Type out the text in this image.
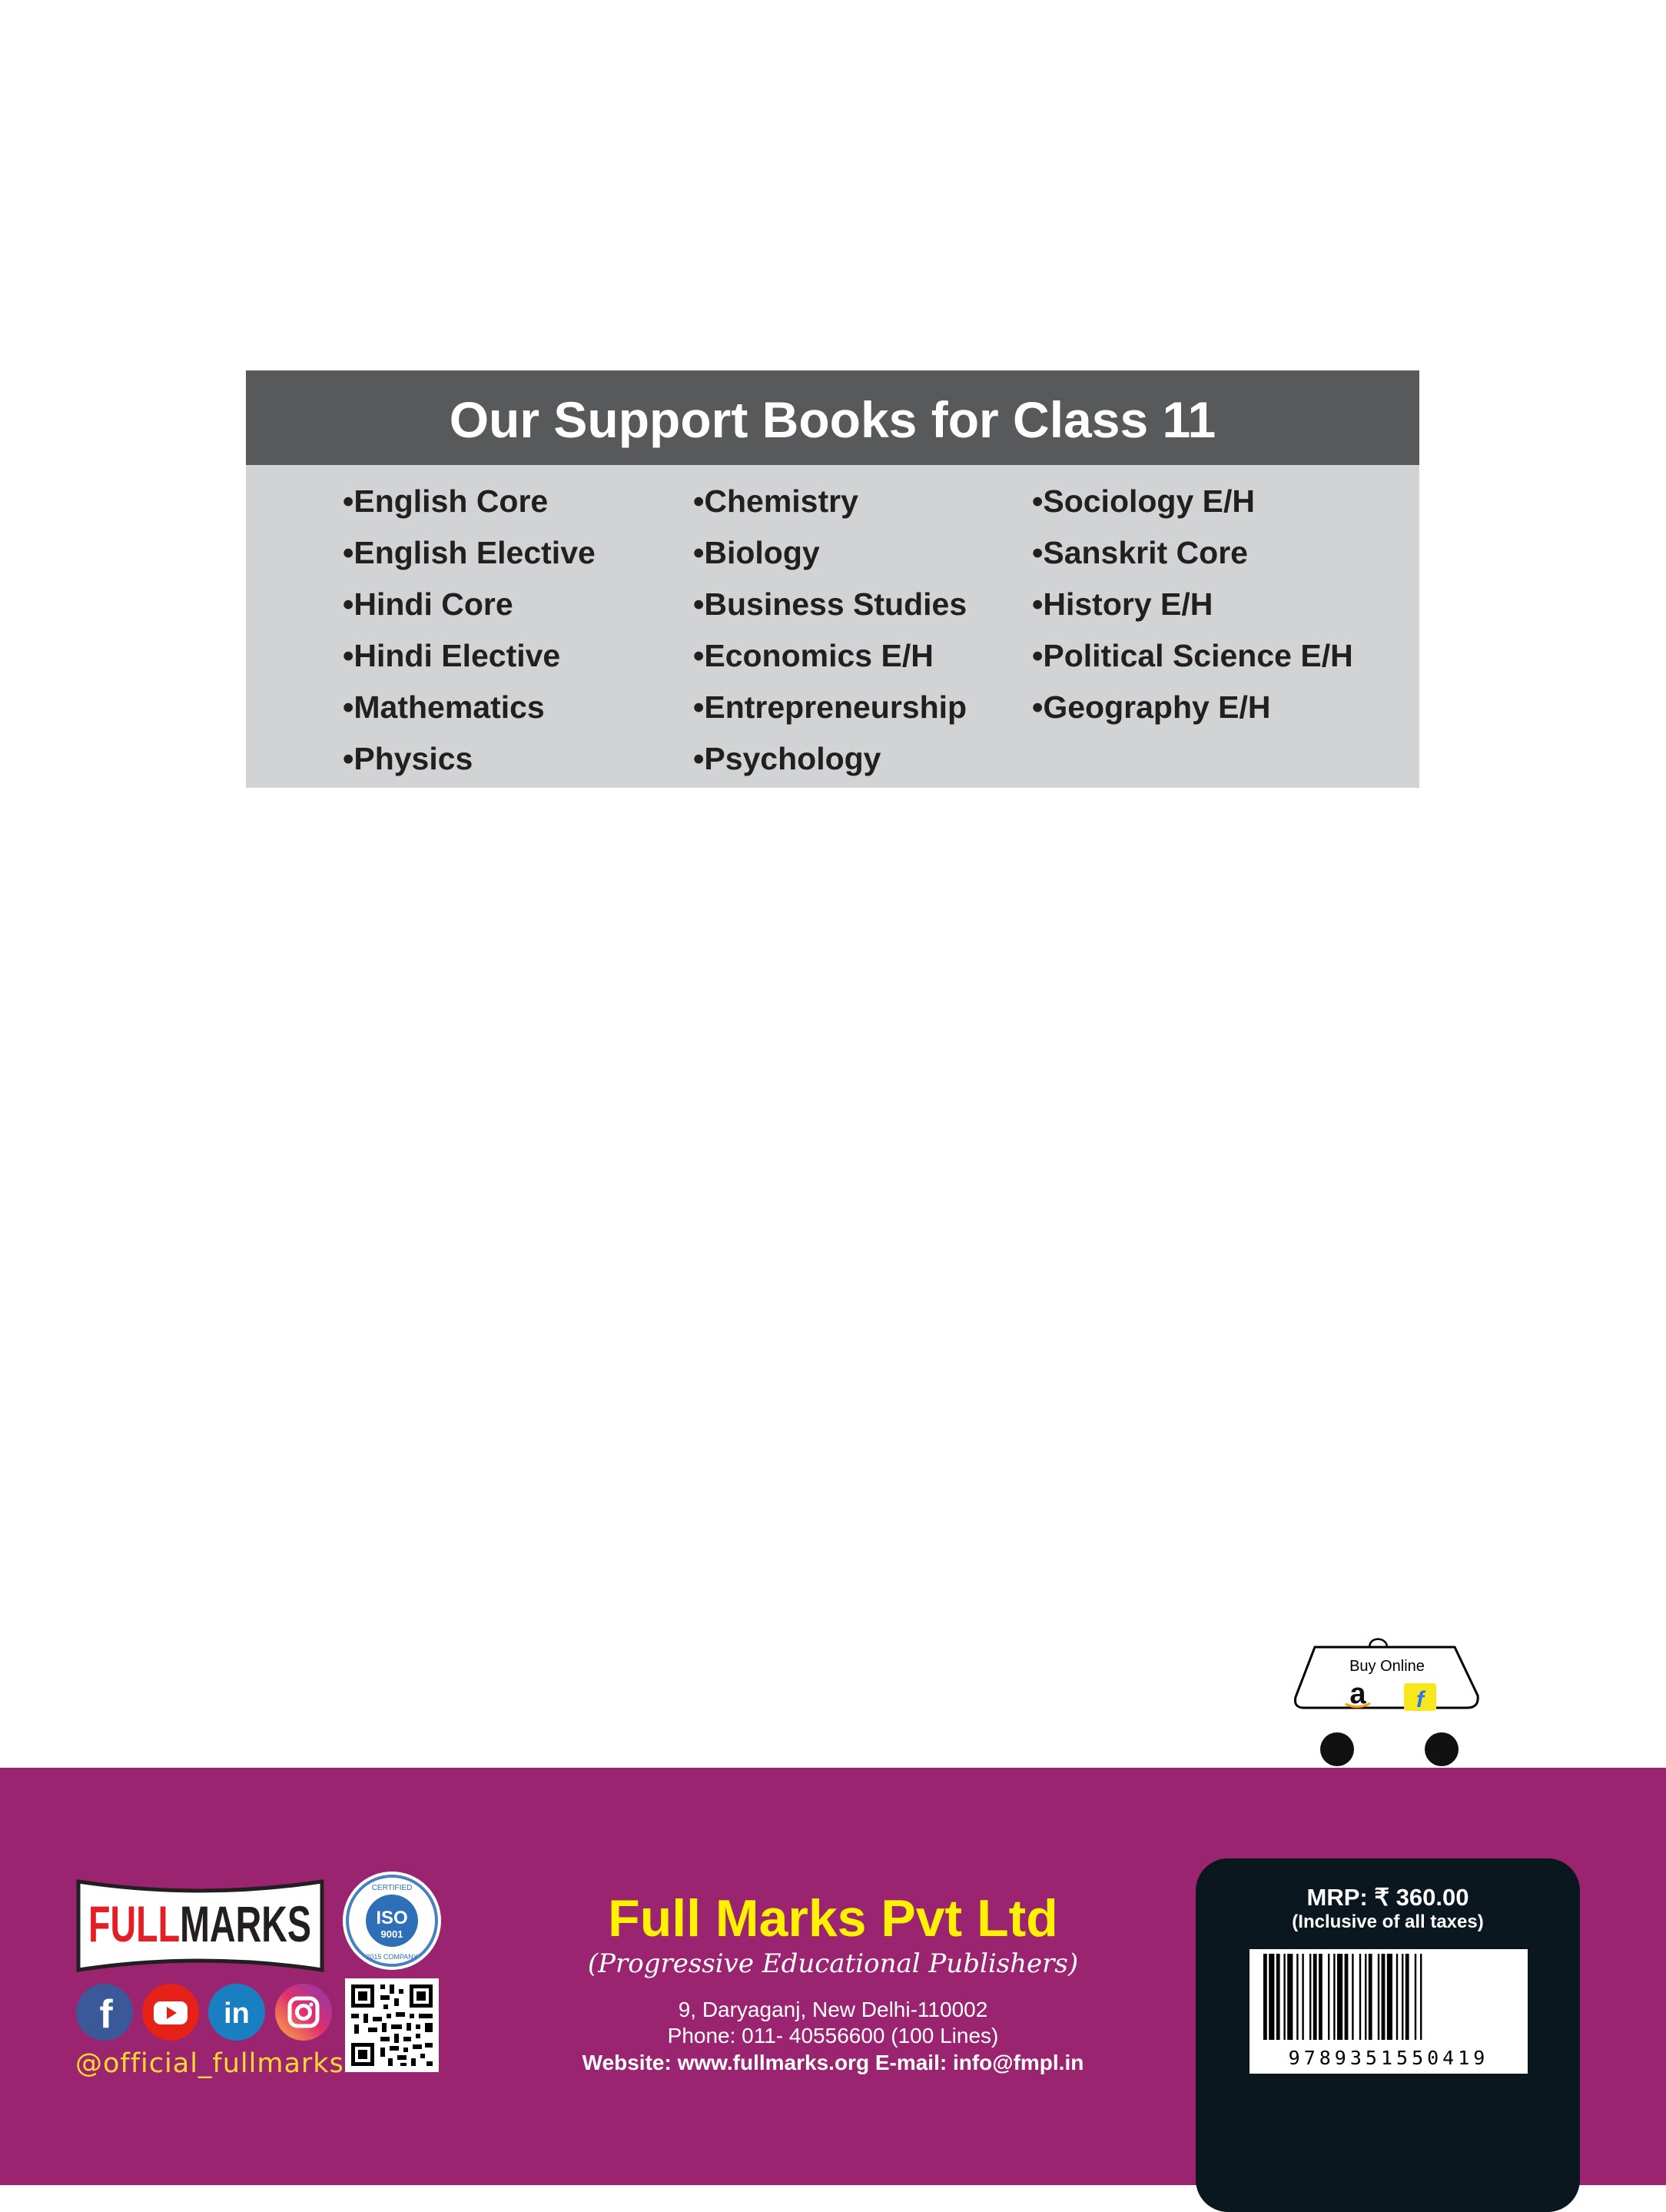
Our Support Books for Class 11
• English Core
• English Elective
• Hindi Core
• Hindi Elective
• Mathematics
• Physics
• Chemistry
• Biology
• Business Studies
• Economics E/H
• Entrepreneurship
• Psychology
• Sociology E/H
• Sanskrit Core
• History E/H
• Political Science E/H
• Geography E/H
Buy Online
a f
FULLMARKS
CERTIFIED
ISO
9001
2015 COMPANY
f	in
@official_fullmarks
Full Marks Pvt Ltd
(Progressive Educational Publishers)
9, Daryaganj, New Delhi-110002
Phone: 011- 40556600 (100 Lines)
Website: www.fullmarks.org E-mail: info@fmpl.in
MRP: ₹ 360.00
(Inclusive of all taxes)
9789351550419
